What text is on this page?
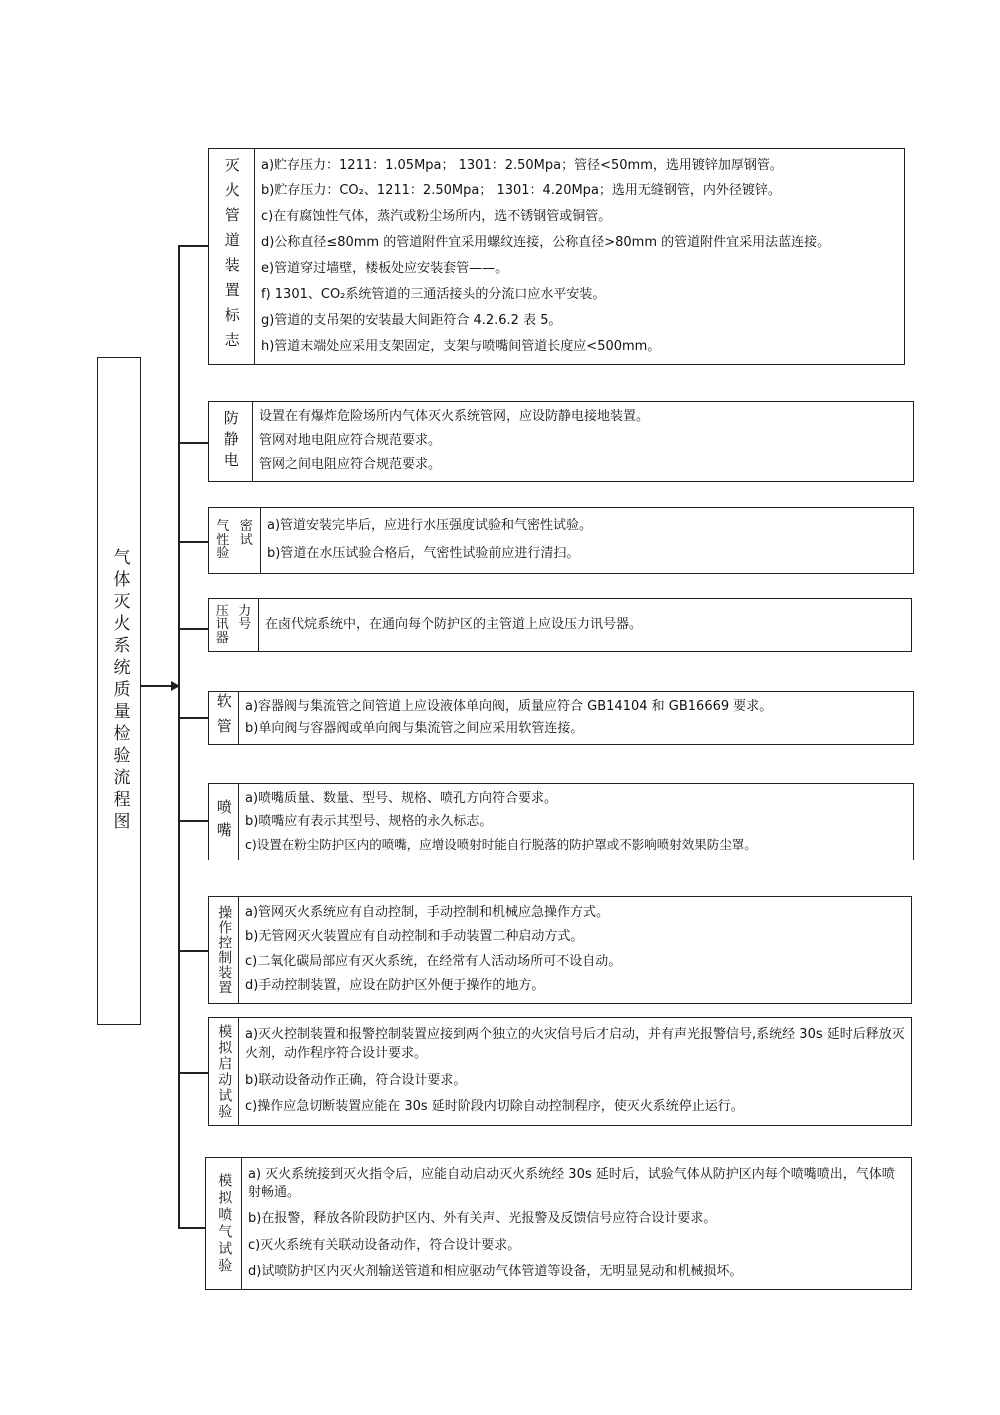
气体灭火系统质量检验流程图
灭火管道装置标志 a)贮存压力：1211：1.05Mpa； 1301：2.50Mpa；管径<50mm，选用镀锌加厚钢管。
b)贮存压力：CO₂、1211：2.50Mpa； 1301：4.20Mpa；选用无缝钢管，内外径镀锌。
c)在有腐蚀性气体，蒸汽或粉尘场所内，选不锈钢管或铜管。
d)公称直径≤80mm 的管道附件宜采用螺纹连接，公称直径>80mm 的管道附件宜采用法蓝连接。
e)管道穿过墙壁，楼板处应安装套管——。
f) 1301、CO₂系统管道的三通活接头的分流口应水平安装。
g)管道的支吊架的安装最大间距符合 4.2.6.2 表 5。
h)管道末端处应采用支架固定，支架与喷嘴间管道长度应<500mm。
防静电 设置在有爆炸危险场所内气体灭火系统管网，应设防静电接地装置。
管网对地电阻应符合规范要求。
管网之间电阻应符合规范要求。
气 密
性 试
验
a)管道安装完毕后，应进行水压强度试验和气密性试验。
b)管道在水压试验合格后，气密性试验前应进行清扫。
压 力
讯 号
器
在卤代烷系统中，在通向每个防护区的主管道上应设压力讯号器。
软管 a)容器阀与集流管之间管道上应设液体单向阀，质量应符合 GB14104 和 GB16669 要求。
b)单向阀与容器阀或单向阀与集流管之间应采用软管连接。
喷嘴
a)喷嘴质量、数量、型号、规格、喷孔方向符合要求。
b)喷嘴应有表示其型号、规格的永久标志。
c)设置在粉尘防护区内的喷嘴，应增设喷射时能自行脱落的防护罩或不影响喷射效果防尘罩。
操作控制装置 a)管网灭火系统应有自动控制，手动控制和机械应急操作方式。
b)无管网灭火装置应有自动控制和手动装置二种启动方式。
c)二氧化碳局部应有灭火系统，在经常有人活动场所可不设自动。
d)手动控制装置，应设在防护区外便于操作的地方。
模拟启动试验 a)灭火控制装置和报警控制装置应接到两个独立的火灾信号后才启动，并有声光报警信号,系统经 30s 延时后释放灭火剂，动作程序符合设计要求。
b)联动设备动作正确，符合设计要求。
c)操作应急切断装置应能在 30s 延时阶段内切除自动控制程序，使灭火系统停止运行。
模拟喷气试验 a) 灭火系统接到灭火指令后，应能自动启动灭火系统经 30s 延时后，试验气体从防护区内每个喷嘴喷出，气体喷射畅通。
b)在报警，释放各阶段防护区内、外有关声、光报警及反馈信号应符合设计要求。
c)灭火系统有关联动设备动作，符合设计要求。
d)试喷防护区内灭火剂输送管道和相应驱动气体管道等设备，无明显晃动和机械损坏。
